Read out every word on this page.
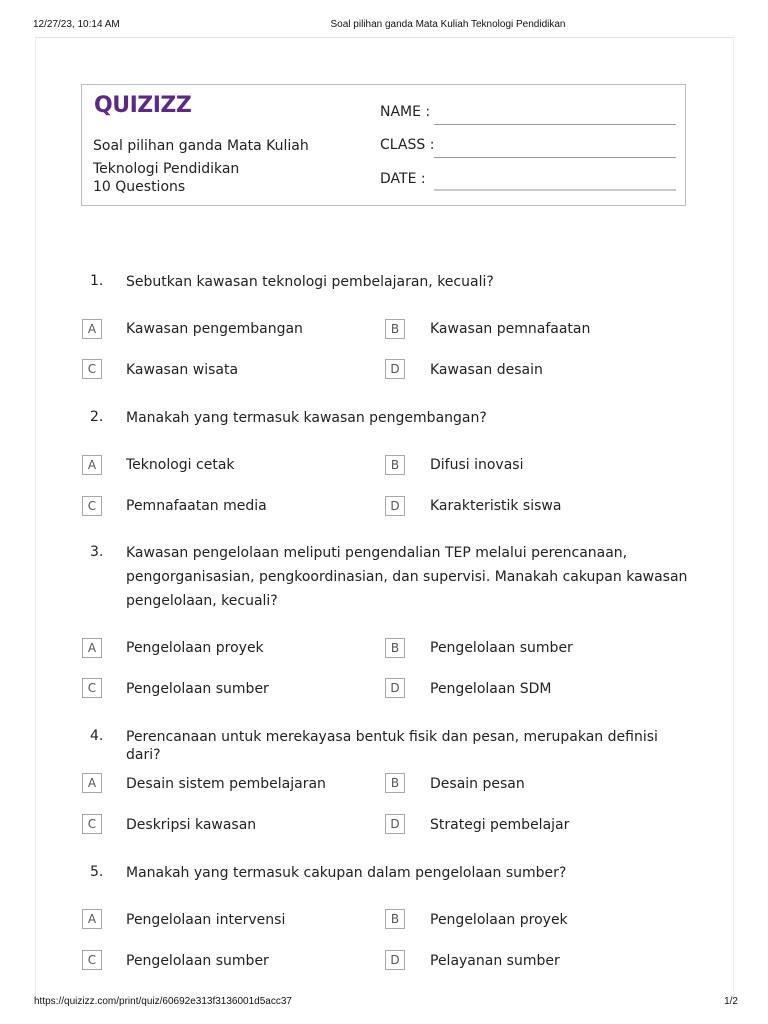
12/27/23, 10:14 AM	Soal pilihan ganda Mata Kuliah Teknologi Pendidikan
QUIZIZZ
Soal pilihan ganda Mata Kuliah Teknologi Pendidikan
10 Questions
NAME :
CLASS :
DATE :
1.	Sebutkan kawasan teknologi pembelajaran, kecuali?
A	Kawasan pengembangan	B	Kawasan pemnafaatan
C	Kawasan wisata	D	Kawasan desain
2.	Manakah yang termasuk kawasan pengembangan?
A	Teknologi cetak	B	Difusi inovasi
C	Pemnafaatan media	D	Karakteristik siswa
3.	Kawasan pengelolaan meliputi pengendalian TEP melalui perencanaan, pengorganisasian, pengkoordinasian, dan supervisi. Manakah cakupan kawasan pengelolaan, kecuali?
A	Pengelolaan proyek	B	Pengelolaan sumber
C	Pengelolaan sumber	D	Pengelolaan SDM
4.	Perencanaan untuk merekayasa bentuk fisik dan pesan, merupakan definisi dari?
A	Desain sistem pembelajaran	B	Desain pesan
C	Deskripsi kawasan	D	Strategi pembelajar
5.	Manakah yang termasuk cakupan dalam pengelolaan sumber?
A	Pengelolaan intervensi	B	Pengelolaan proyek
C	Pengelolaan sumber	D	Pelayanan sumber
https://quizizz.com/print/quiz/60692e313f3136001d5acc37	1/2
